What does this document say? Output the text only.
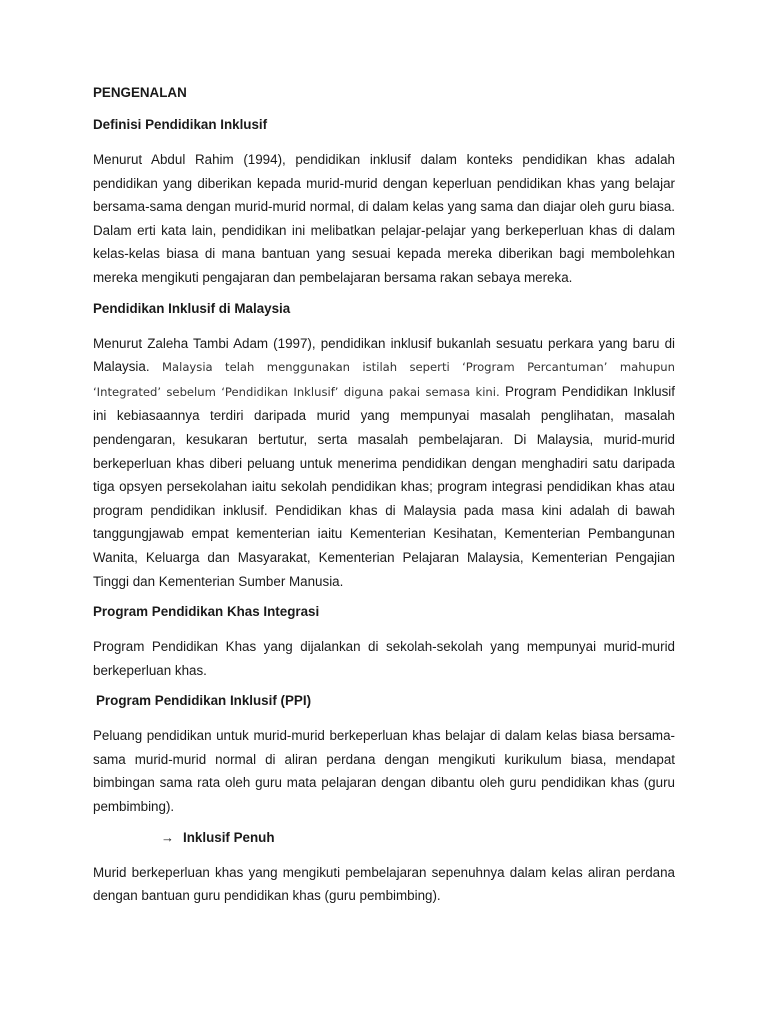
PENGENALAN
Definisi Pendidikan Inklusif

Menurut Abdul Rahim (1994), pendidikan inklusif dalam konteks pendidikan khas adalah pendidikan yang diberikan kepada murid-murid dengan keperluan pendidikan khas yang belajar bersama-sama dengan murid-murid normal, di dalam kelas yang sama dan diajar oleh guru biasa. Dalam erti kata lain, pendidikan ini melibatkan pelajar-pelajar yang berkeperluan khas di dalam kelas-kelas biasa di mana bantuan yang sesuai kepada mereka diberikan bagi membolehkan mereka mengikuti pengajaran dan pembelajaran bersama rakan sebaya mereka.

Pendidikan Inklusif di Malaysia

Menurut Zaleha Tambi Adam (1997), pendidikan inklusif bukanlah sesuatu perkara yang baru di Malaysia. Malaysia telah menggunakan istilah seperti ‘Program Percantuman’ mahupun ‘Integrated’ sebelum ‘Pendidikan Inklusif’ diguna pakai semasa kini. Program Pendidikan Inklusif ini kebiasaannya terdiri daripada murid yang mempunyai masalah penglihatan, masalah pendengaran, kesukaran bertutur, serta masalah pembelajaran. Di Malaysia, murid-murid berkeperluan khas diberi peluang untuk menerima pendidikan dengan menghadiri satu daripada tiga opsyen persekolahan iaitu sekolah pendidikan khas; program integrasi pendidikan khas atau program pendidikan inklusif. Pendidikan khas di Malaysia pada masa kini adalah di bawah tanggungjawab empat kementerian iaitu Kementerian Kesihatan, Kementerian Pembangunan Wanita, Keluarga dan Masyarakat, Kementerian Pelajaran Malaysia, Kementerian Pengajian Tinggi dan Kementerian Sumber Manusia.

Program Pendidikan Khas Integrasi

Program Pendidikan Khas yang dijalankan di sekolah-sekolah yang mempunyai murid-murid berkeperluan khas.

Program Pendidikan Inklusif (PPI)

Peluang pendidikan untuk murid-murid berkeperluan khas belajar di dalam kelas biasa bersama-sama murid-murid normal di aliran perdana dengan mengikuti kurikulum biasa, mendapat bimbingan sama rata oleh guru mata pelajaran dengan dibantu oleh guru pendidikan khas (guru pembimbing).

→ Inklusif Penuh

Murid berkeperluan khas yang mengikuti pembelajaran sepenuhnya dalam kelas aliran perdana dengan bantuan guru pendidikan khas (guru pembimbing).
